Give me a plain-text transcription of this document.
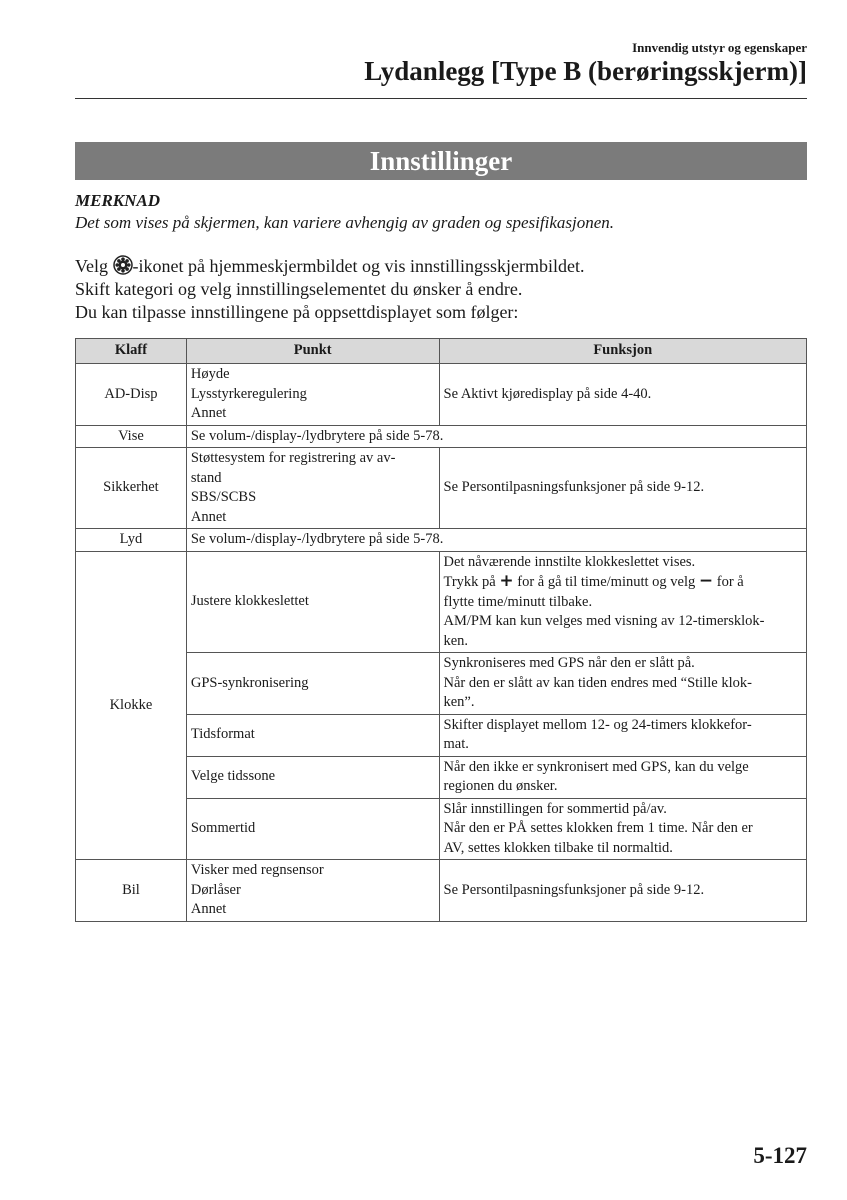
Innvendig utstyr og egenskaper
Lydanlegg [Type B (berøringsskjerm)]
Innstillinger
MERKNAD
Det som vises på skjermen, kan variere avhengig av graden og spesifikasjonen.
Velg -ikonet på hjemmeskjermbildet og vis innstillingsskjermbildet.
Skift kategori og velg innstillingselementet du ønsker å endre.
Du kan tilpasse innstillingene på oppsettdisplayet som følger:
Klaff	Punkt	Funksjon
AD-Disp	Høyde
Lysstyrkeregulering
Annet	Se Aktivt kjøredisplay på side 4-40.
Vise	Se volum-/display-/lydbrytere på side 5-78.	
Sikkerhet	Støttesystem for registrering av av-
stand
SBS/SCBS
Annet	Se Persontilpasningsfunksjoner på side 9-12.
Lyd	Se volum-/display-/lydbrytere på side 5-78.	
Klokke	Justere klokkeslettet	Det nåværende innstilte klokkeslettet vises.
Trykk på + for å gå til time/minutt og velg − for å
flytte time/minutt tilbake.
AM/PM kan kun velges med visning av 12-timersklok-
ken.

	GPS-synkronisering	Synkroniseres med GPS når den er slått på.
Når den er slått av kan tiden endres med “Stille klok-
ken”.

	Tidsformat	Skifter displayet mellom 12- og 24-timers klokkefor-
mat.

	Velge tidssone	Når den ikke er synkronisert med GPS, kan du velge
regionen du ønsker.

	Sommertid	Slår innstillingen for sommertid på/av.
Når den er PÅ settes klokken frem 1 time. Når den er
AV, settes klokken tilbake til normaltid.

Bil	Visker med regnsensor
Dørlåser
Annet	Se Persontilpasningsfunksjoner på side 9-12.
5-127
